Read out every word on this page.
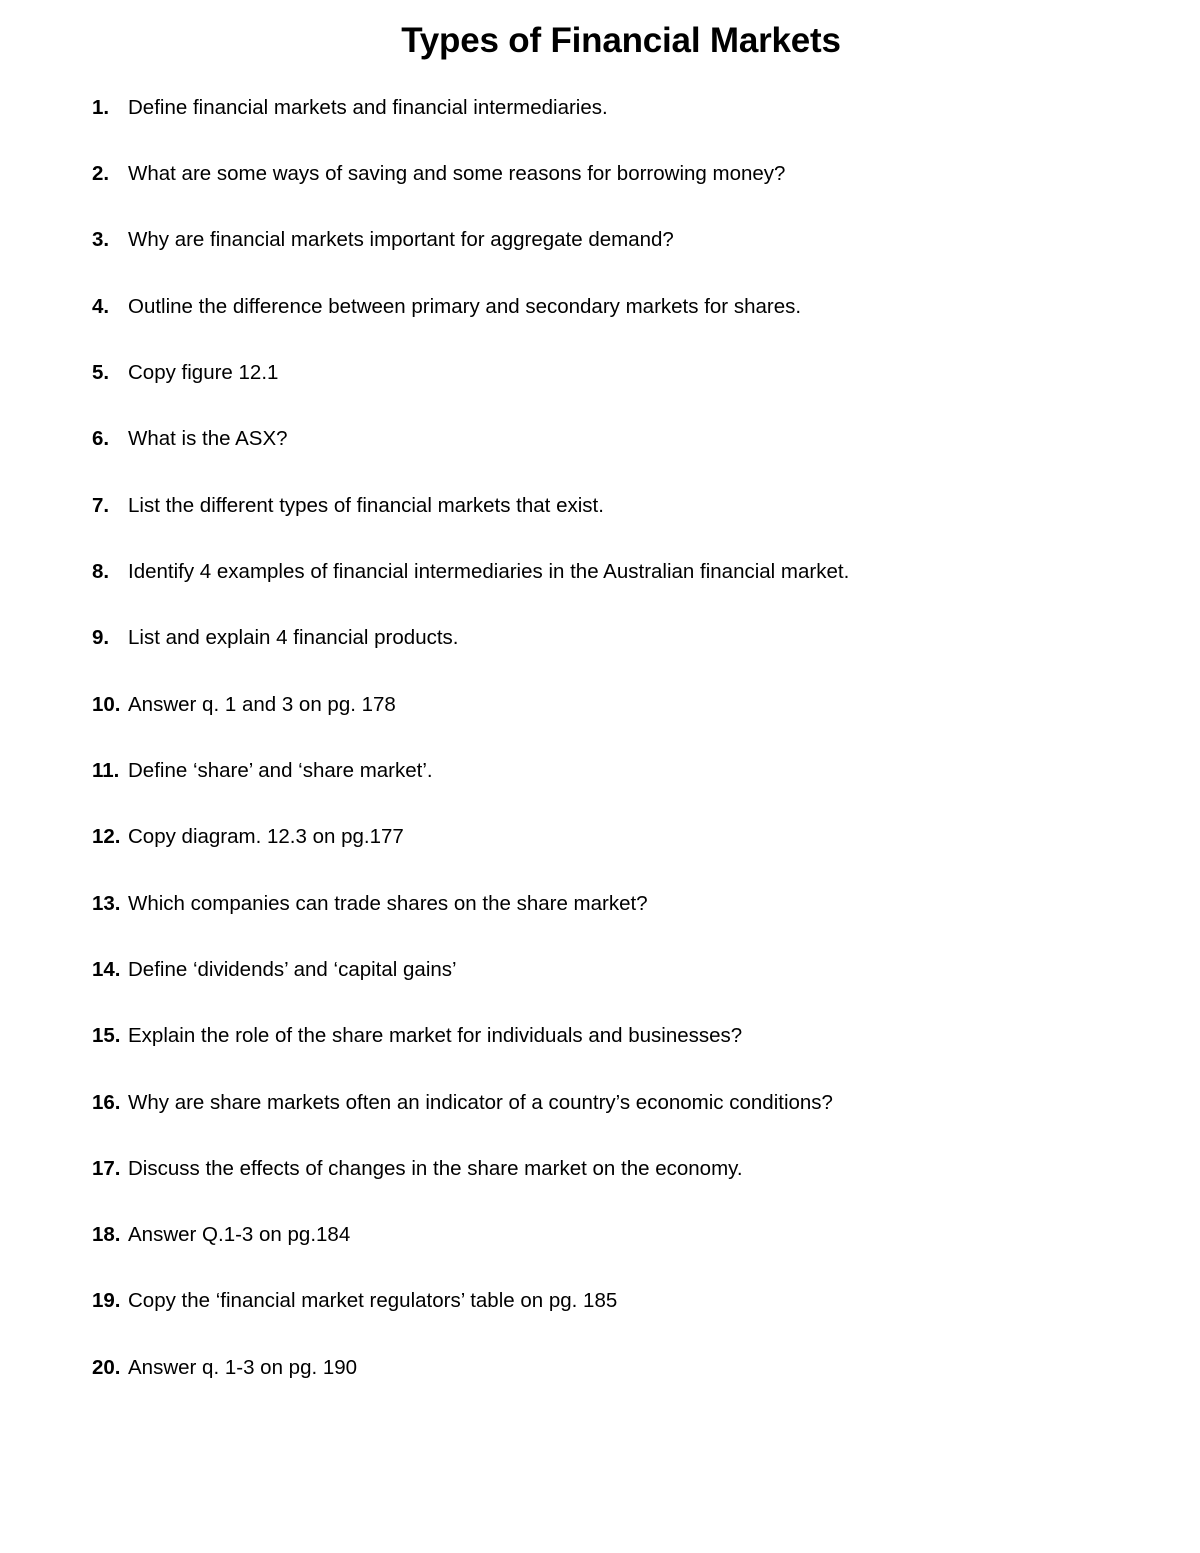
Types of Financial Markets
1. Define financial markets and financial intermediaries.
2. What are some ways of saving and some reasons for borrowing money?
3. Why are financial markets important for aggregate demand?
4. Outline the difference between primary and secondary markets for shares.
5. Copy figure 12.1
6. What is the ASX?
7. List the different types of financial markets that exist.
8. Identify 4 examples of financial intermediaries in the Australian financial market.
9. List and explain 4 financial products.
10. Answer q. 1 and 3 on pg. 178
11. Define ‘share’ and ‘share market’.
12. Copy diagram. 12.3 on pg.177
13. Which companies can trade shares on the share market?
14. Define ‘dividends’ and ‘capital gains’
15. Explain the role of the share market for individuals and businesses?
16. Why are share markets often an indicator of a country’s economic conditions?
17. Discuss the effects of changes in the share market on the economy.
18. Answer Q.1-3 on pg.184
19. Copy the ‘financial market regulators’ table on pg. 185
20. Answer q. 1-3 on pg. 190
